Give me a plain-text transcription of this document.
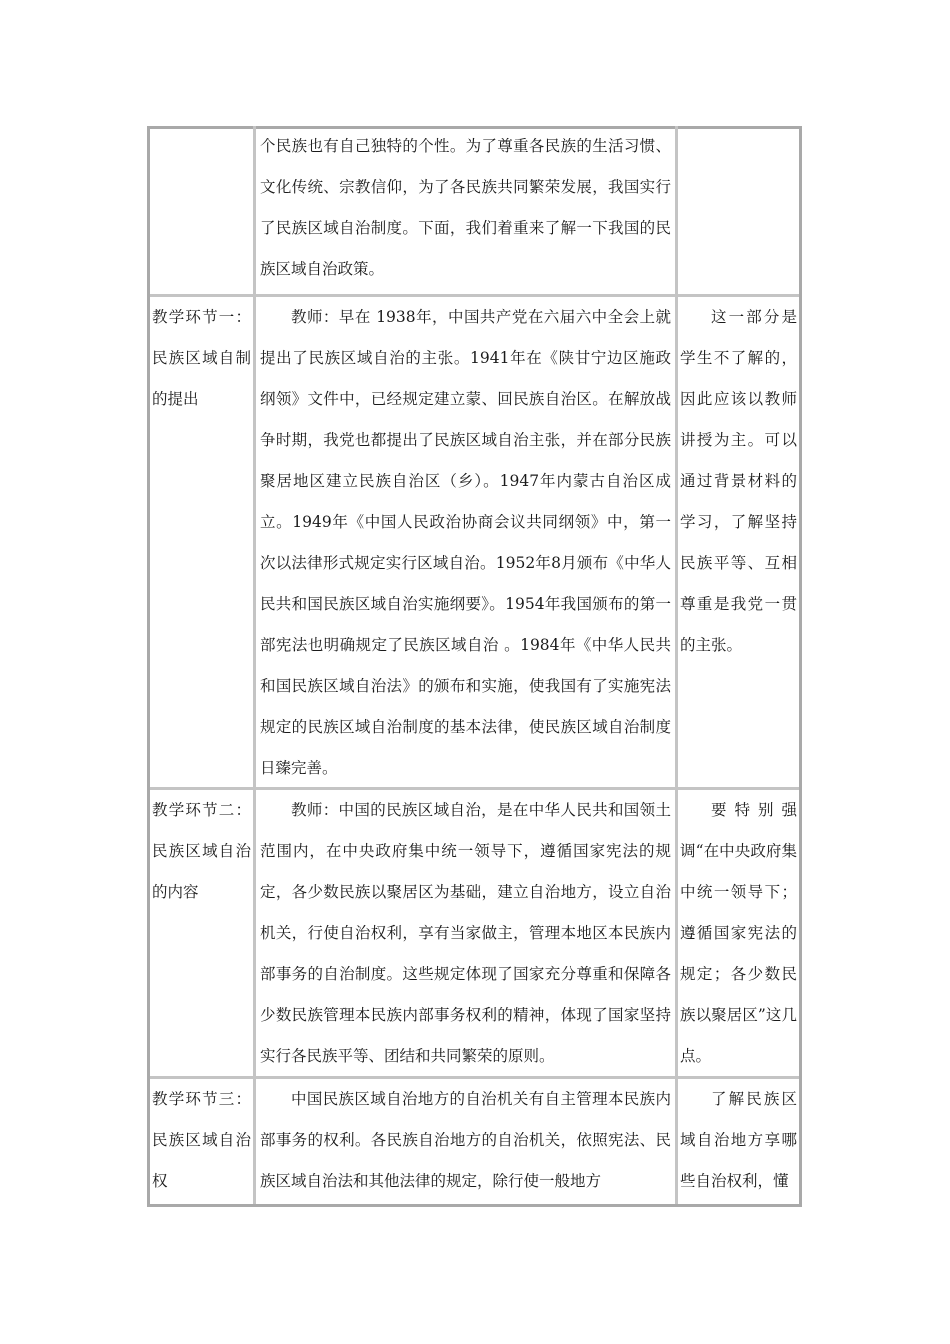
个民族也有自己独特的个性。为了尊重各民族的生活习惯、文化传统、宗教信仰，为了各民族共同繁荣发展，我国实行了民族区域自治制度。下面，我们着重来了解一下我国的民族区域自治政策。
教学环节一：民族区域自制的提出
教师：早在 1938年，中国共产党在六届六中全会上就提出了民族区域自治的主张。1941年在《陕甘宁边区施政纲领》文件中，已经规定建立蒙、回民族自治区。在解放战争时期，我党也都提出了民族区域自治主张，并在部分民族聚居地区建立民族自治区（乡）。1947年内蒙古自治区成立。1949年《中国人民政治协商会议共同纲领》中，第一次以法律形式规定实行区域自治。1952年8月颁布《中华人民共和国民族区域自治实施纲要》。1954年我国颁布的第一部宪法也明确规定了民族区域自治 。1984年《中华人民共和国民族区域自治法》的颁布和实施，使我国有了实施宪法规定的民族区域自治制度的基本法律，使民族区域自治制度日臻完善。
这一部分是学生不了解的，因此应该以教师讲授为主。可以通过背景材料的学习，了解坚持民族平等、互相尊重是我党一贯的主张。
教学环节二：民族区域自治的内容
教师：中国的民族区域自治，是在中华人民共和国领土范围内，在中央政府集中统一领导下，遵循国家宪法的规定，各少数民族以聚居区为基础，建立自治地方，设立自治机关，行使自治权利，享有当家做主，管理本地区本民族内部事务的自治制度。这些规定体现了国家充分尊重和保障各少数民族管理本民族内部事务权利的精神，体现了国家坚持实行各民族平等、团结和共同繁荣的原则。
要特别强调“在中央政府集中统一领导下；遵循国家宪法的规定；各少数民族以聚居区”这几点。
教学环节三：民族区域自治权
中国民族区域自治地方的自治机关有自主管理本民族内部事务的权利。各民族自治地方的自治机关，依照宪法、民族区域自治法和其他法律的规定，除行使一般地方
了解民族区域自治地方享哪些自治权利，懂
